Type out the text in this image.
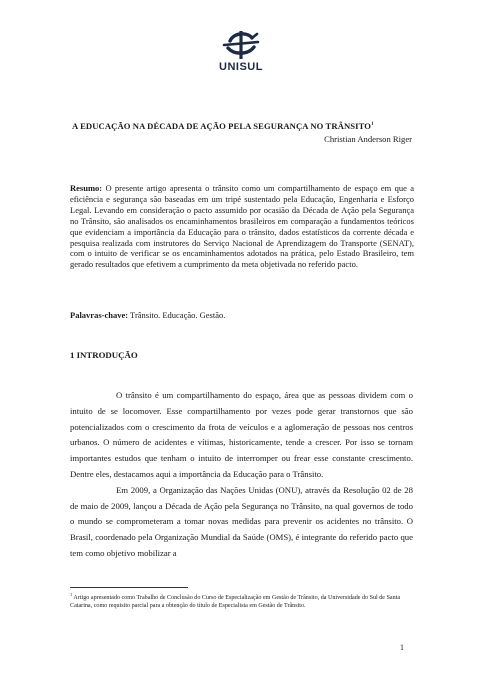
UNISUL
A EDUCAÇÃO NA DÉCADA DE AÇÃO PELA SEGURANÇA NO TRÂNSITO$^1$
Christian Anderson Riger
Resumo: O presente artigo apresenta o trânsito como um compartilhamento de espaço em que a eficiência e segurança são baseadas em um tripé sustentado pela Educação, Engenharia e Esforço Legal. Levando em consideração o pacto assumido por ocasião da Década de Ação pela Segurança no Trânsito, são analisados os encaminhamentos brasileiros em comparação a fundamentos teóricos que evidenciam a importância da Educação para o trânsito, dados estatísticos da corrente década e pesquisa realizada com instrutores do Serviço Nacional de Aprendizagem do Transporte (SENAT), com o intuito de verificar se os encaminhamentos adotados na prática, pelo Estado Brasileiro, tem gerado resultados que efetivem a cumprimento da meta objetivada no referido pacto.
Palavras-chave: Trânsito. Educação. Gestão.
1 INTRODUÇÃO

O trânsito é um compartilhamento do espaço, área que as pessoas dividem com o intuito de se locomover. Esse compartilhamento por vezes pode gerar transtornos que são potencializados com o crescimento da frota de veículos e a aglomeração de pessoas nos centros urbanos. O número de acidentes e vítimas, historicamente, tende a crescer. Por isso se tornam importantes estudos que tenham o intuito de interromper ou frear esse constante crescimento. Dentre eles, destacamos aqui a importância da Educação para o Trânsito.

Em 2009, a Organização das Nações Unidas (ONU), através da Resolução 02 de 28 de maio de 2009, lançou a Década de Ação pela Segurança no Trânsito, na qual governos de todo o mundo se comprometeram a tomar novas medidas para prevenir os acidentes no trânsito. O Brasil, coordenado pela Organização Mundial da Saúde (OMS), é integrante do referido pacto que tem como objetivo mobilizar a

$^1$ Artigo apresentado como Trabalho de Conclusão do Curso de Especialização em Gestão de Trânsito, da Universidade do Sul de Santa Catarina, como requisito parcial para a obtenção do título de Especialista em Gestão de Trânsito.
1
